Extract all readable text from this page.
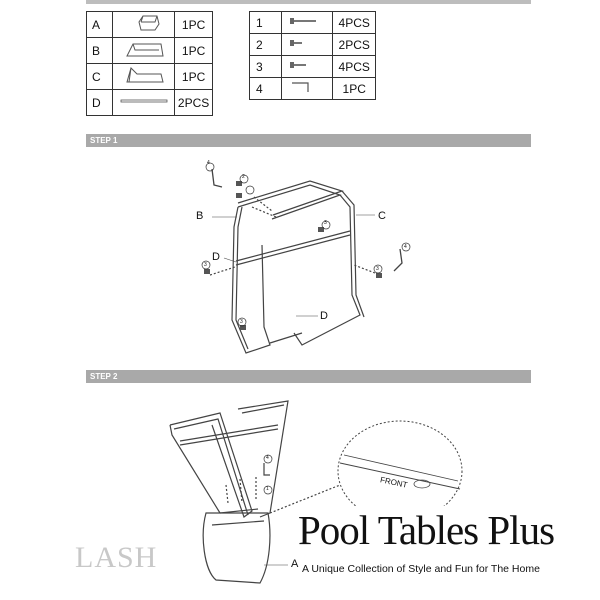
A		1PC
B		1PC
C		1PC
D		2PCS
1		4PCS
2		2PCS
3		4PCS
4		1PC
STEP 1
B	C
D
D
4
2
3
3
3
3
4
STEP 2
A
4
1	FRONT
LASH
Pool Tables Plus
A Unique Collection of Style and Fun for The Home
